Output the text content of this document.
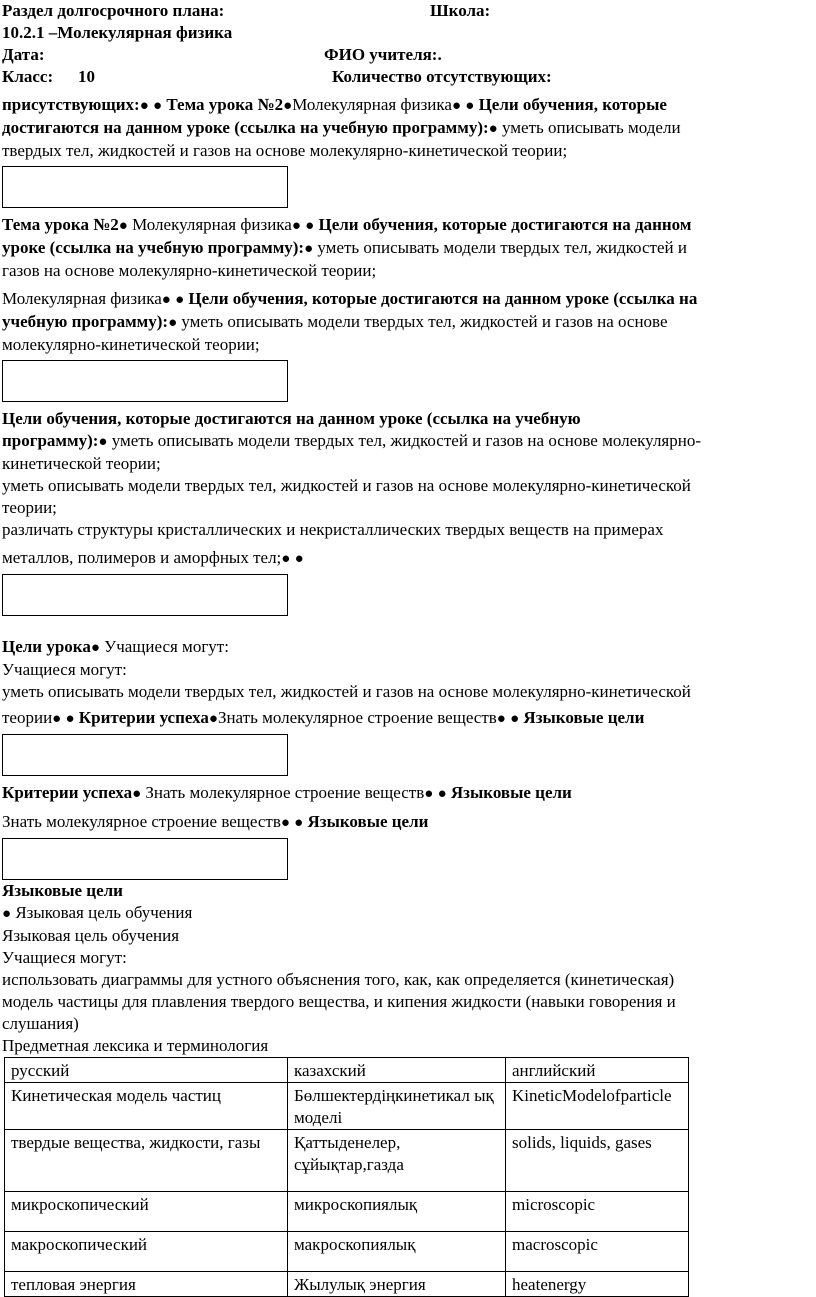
Раздел долгосрочного плана:	Школа:
10.2.1 –Молекулярная физика
Дата:	ФИО учителя:.
Класс: 10	Количество отсутствующих:
присутствующих:● ● Тема урока №2●Молекулярная физика● ● Цели обучения, которые
достигаются на данном уроке (ссылка на учебную программу):● уметь описывать модели
твердых тел, жидкостей и газов на основе молекулярно-кинетической теории;
Тема урока №2● Молекулярная физика● ● Цели обучения, которые достигаются на данном
уроке (ссылка на учебную программу):● уметь описывать модели твердых тел, жидкостей и
газов на основе молекулярно-кинетической теории;
Молекулярная физика● ● Цели обучения, которые достигаются на данном уроке (ссылка на
учебную программу):● уметь описывать модели твердых тел, жидкостей и газов на основе
молекулярно-кинетической теории;
Цели обучения, которые достигаются на данном уроке (ссылка на учебную
программу):● уметь описывать модели твердых тел, жидкостей и газов на основе молекулярно-
кинетической теории;
уметь описывать модели твердых тел, жидкостей и газов на основе молекулярно-кинетической
теории;

различать структуры кристаллических и некристаллических твердых веществ на примерах
металлов, полимеров и аморфных тел;● ●
Цели урока● Учащиеся могут:
Учащиеся могут:
уметь описывать модели твердых тел, жидкостей и газов на основе молекулярно-кинетической
теории● ● Критерии успеха●Знать молекулярное строение веществ● ● Языковые цели
Критерии успеха● Знать молекулярное строение веществ● ● Языковые цели
Знать молекулярное строение веществ● ● Языковые цели
Языковые цели
● Языковая цель обучения
Языковая цель обучения
Учащиеся могут:
использовать диаграммы для устного объяснения того, как, как определяется (кинетическая)
модель частицы для плавления твердого вещества, и кипения жидкости (навыки говорения и
слушания)
Предметная лексика и терминология
русский	казахский	английский
Кинетическая модель частиц	Бөлшектердіңкинетикал ықмоделі	KineticModelofparticle
твердые вещества, жидкости, газы	Қаттыденелер, сұйықтар,газда	solids, liquids, gases
микроскопический	микроскопиялық	microscopic
макроскопический	макроскопиялық	macroscopic
тепловая энергия	Жылулық энергия	heatenergy
